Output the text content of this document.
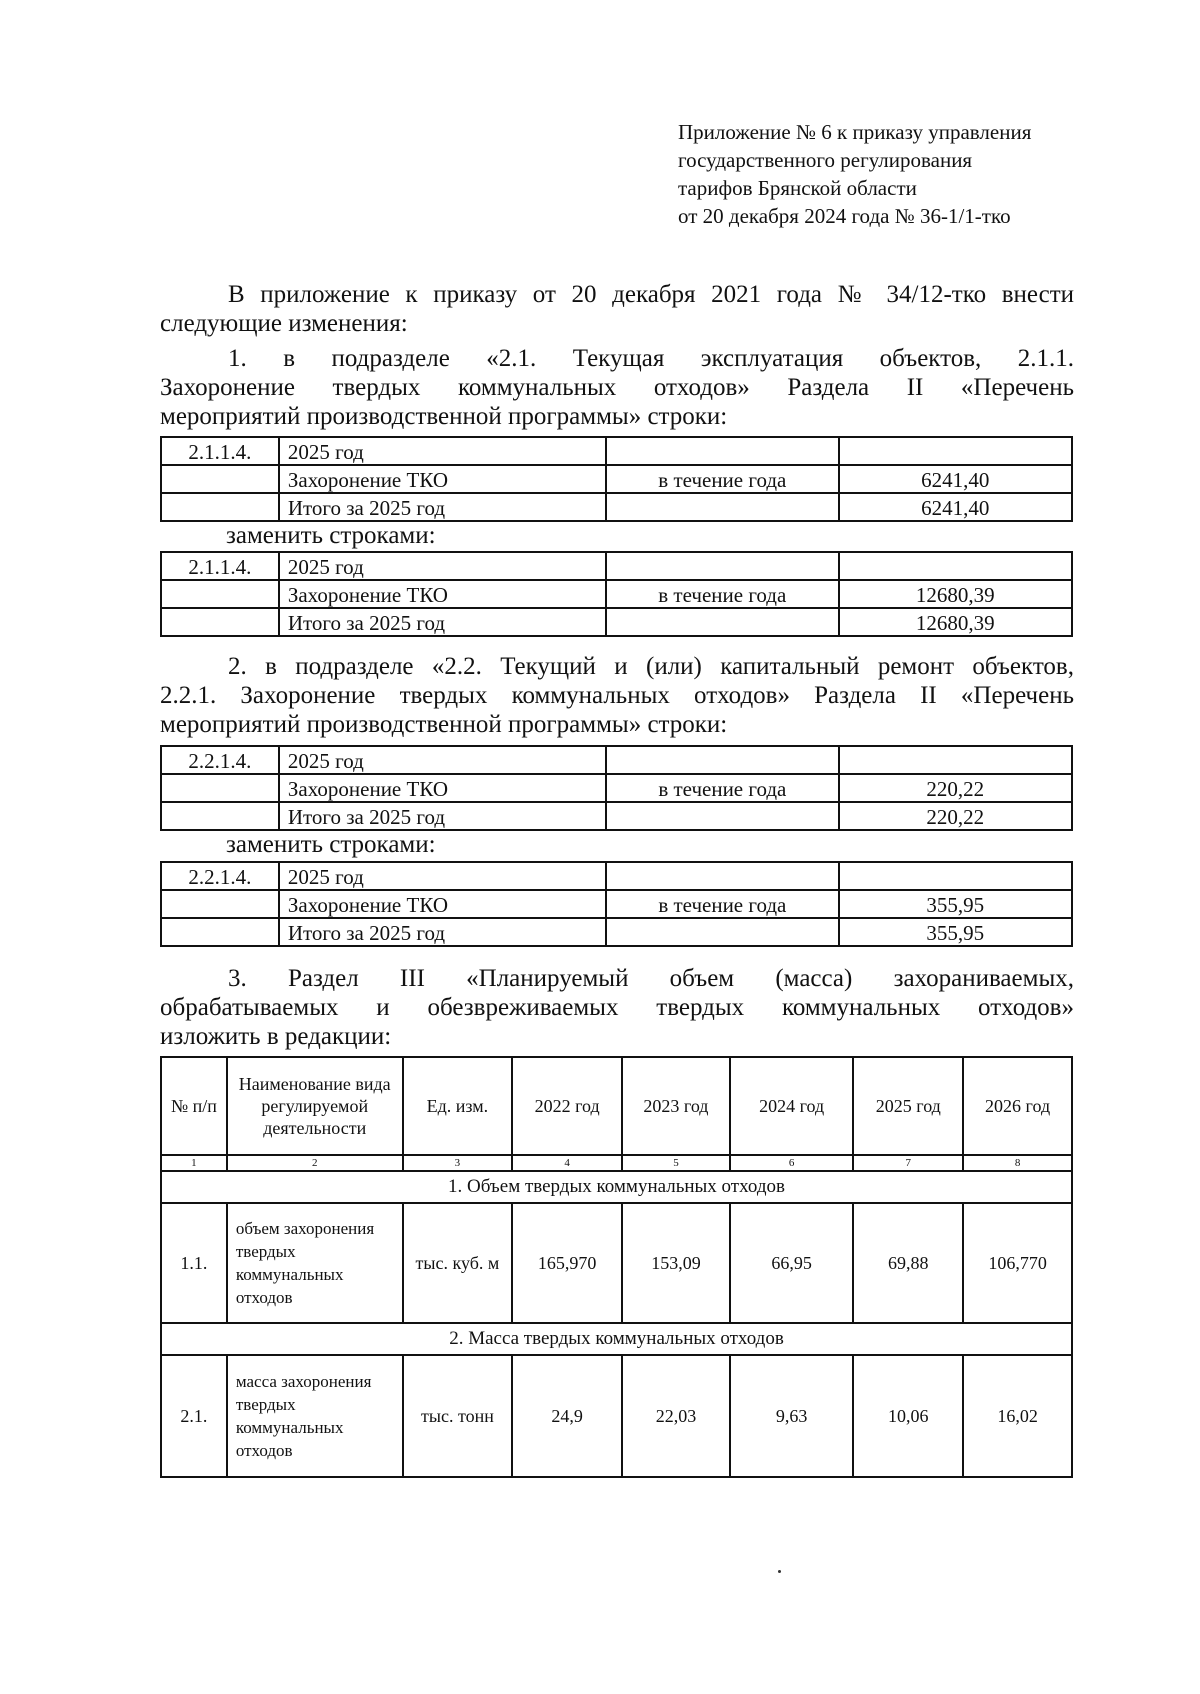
Приложение № 6 к приказу управления
государственного регулирования
тарифов Брянской области
от 20 декабря 2024 года № 36-1/1-тко
В приложение к приказу от 20 декабря 2021 года № 34/12-тко внести
следующие изменения:
1. в подразделе «2.1. Текущая эксплуатация объектов, 2.1.1.
Захоронение твердых коммунальных отходов» Раздела II «Перечень
мероприятий производственной программы» строки:
2.1.1.4.	2025 год		
	Захоронение ТКО	в течение года	6241,40
	Итого за 2025 год		6241,40
заменить строками:
2.1.1.4.	2025 год		
	Захоронение ТКО	в течение года	12680,39
	Итого за 2025 год		12680,39
2. в подразделе «2.2. Текущий и (или) капитальный ремонт объектов,
2.2.1. Захоронение твердых коммунальных отходов» Раздела II «Перечень
мероприятий производственной программы» строки:
2.2.1.4.	2025 год		
	Захоронение ТКО	в течение года	220,22
	Итого за 2025 год		220,22
заменить строками:
2.2.1.4.	2025 год		
	Захоронение ТКО	в течение года	355,95
	Итого за 2025 год		355,95
3. Раздел III «Планируемый объем (масса) захораниваемых,
обрабатываемых и обезвреживаемых твердых коммунальных отходов»
изложить в редакции:
№ п/п	Наименование вида регулируемой деятельности	Ед. изм.	2022 год	2023 год	2024 год	2025 год	2026 год
1	2	3	4	5	6	7	8
1. Объем твердых коммунальных отходов							
1.1.	объем захоронения твердых коммунальных отходов	тыс. куб. м	165,970	153,09	66,95	69,88	106,770
2. Масса твердых коммунальных отходов							
2.1.	масса захоронения твердых коммунальных отходов	тыс. тонн	24,9	22,03	9,63	10,06	16,02
